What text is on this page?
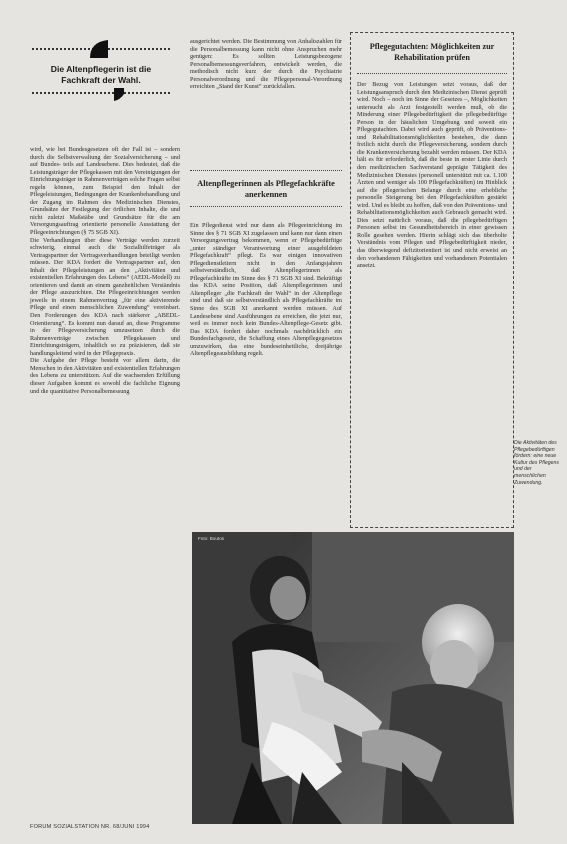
Die Altenpflegerin ist die Fachkraft der Wahl.

wird, wie bei Bundesgesetzen oft der Fall ist – sondern durch die Selbstverwaltung der Sozialversicherung – und auf Bundes- teils auf Landesebene. Dies bedeutet, daß die Leistungsträger der Pflegekassen mit den Vereinigungen der Einrichtungsträger in Rahmenverträgen solche Fragen selbst regeln können, zum Beispiel den Inhalt der Pflegeleistungen, Bedingungen der Krankenbehandlung und der Zugang im Rahmen des Medizinischen Dienstes, Grundsätze der Festlegung der örtlichen Inhalte, die und nicht zuletzt Maßstäbe und Grundsätze für die am Versorgungsauftrag orientierte personelle Ausstattung der Pflegeeinrichtungen (§ 75 SGB XI).
Die Verhandlungen über diese Verträge werden zurzeit schwierig, einmal auch die Sozialhilfeträger als Vertragspartner der Vertragsverhandlungen beteiligt werden müssen. Der KDA fordert die Vertragspartner auf, den Inhalt der Pflegeleistungen an den „Aktivitäten und existentiellen Erfahrungen des Lebens“ (AEDL-Modell) zu orientieren und damit an einem ganzheitlichen Verständnis der Pflege auszurichten. Die Pflegeeinrichtungen werden jeweils in einem Rahmenvertrag „für eine aktivierende Pflege und einen menschlichen Zuwendung“ vereinbart. Den Forderungen des KDA nach stärkerer „ABEDL-Orientierung“. Es kommt nun darauf an, diese Programme in der Pflegeversicherung umzusetzen durch die Rahmenverträge zwischen Pflegekassen und Einrichtungsträgern, inhaltlich so zu präzisieren, daß sie handlungsleitend wird in der Pflegepraxis.
Die Aufgabe der Pflege besteht vor allem darin, die Menschen in den Aktivitäten und existentiellen Erfahrungen des Lebens zu unterstützen. Auf die wachsenden Erfüllung dieser Aufgaben kommt es sowohl die fachliche Eignung und die quantitative Personalbemessung

FORUM SOZIALSTATION NR. 68/JUNI 1994

ausgerichtet werden. Die Bestimmung von Anhaltszahlen für die Personalbemessung kann nicht ohne Anspruchen mehr genügen: Es sollten Leistungsbezogene Personalbemessungsverfahren, entwickelt werden, die methodisch nicht kurz der durch die Psychiatrie Personalverordnung und die Pflegepersonal-Verordnung erreichten „Stand der Kunst“ zurückfallen.

Altenpflegerinnen als Pflegefachkräfte anerkennen

Ein Pflegedienst wird nur dann als Pflegeeinrichtung im Sinne des § 71 SGB XI zugelassen und kann nur dann einen Versorgungsvertrag bekommen, wenn er Pflegebedürftige „unter ständiger Verantwortung einer ausgebildeten Pflegefachkraft“ pflegt. Es war einigen innovativen Pflegedienstleitern nicht in den Anfangsjahren selbstverständlich, daß Altenpflegerinnen als Pflegefachkräfte im Sinne des § 71 SGB XI sind. Bekräftigt das KDA seine Position, daß Altenpflegerinnen und Altenpfleger „die Fachkraft der Wahl“ in der Altenpflege sind und daß sie selbstverständlich als Pflegefachkräfte im Sinne des SGB XI anerkannt werden müssen. Auf Landesebene sind Ausführungen zu erreichen, die jetzt nur, weil es immer noch kein Bundes-Altenpflege-Gesetz gibt. Das KDA fordert daher nochmals nachdrücklich ein Bundesfachgesetz, die Schaffung eines Altenpflegegesetzes umzuwirken, das eine bundeseinheitliche, dreijährige Altenpflegeausbildung regelt.

Pflegegutachten: Möglichkeiten zur Rehabilitation prüfen

Der Bezug von Leistungen setzt voraus, daß der Leistungsanspruch durch den Medizinischen Dienst geprüft wird. Noch – noch im Sinne der Gesetzes –, Möglichkeiten untersucht als Arzt festgestellt werden muß, ob die Minderung einer Pflegebedürftigkeit die pflegebedürftige Person in der häuslichen Umgebung und soweit ein Pflegegutachten. Dabei wird auch geprüft, ob Präventions- und Rehabilitationsmöglichkeiten bestehen, die dann freilich nicht durch die Pflegeversicherung, sondern durch die Krankenversicherung bezahlt werden müssen. Der KDA hält es für erforderlich, daß die beste in erster Linie durch den medizinischen Sachverstand geprägte Tätigkeit des Medizinischen Dienstes (personell unterstützt mit ca. 1.100 Ärzten und weniger als 100 Pflegefachkräften) im Hinblick auf die pflegerischen Belange durch eine erhebliche personelle Steigerung bei den Pflegefachkräften gestärkt wird. Und es bleibt zu hoffen, daß von den Präventions- und Rehabilitationsmöglichkeiten auch Gebrauch gemacht wird. Dies setzt natürlich voraus, daß die pflegebedürftigen Personen selbst im Gesundheitsbereich in einer gewissen Rolle gesehen werden. Hierin schlägt sich das überholte Verständnis vom Pflegen und Pflegebedürftigkeit nieder, das überwiegend defizitorientiert ist und nicht erweist an den vorhandenen Fähigkeiten und vorhandenen Potentialen ansetzt.

Die Aktivitäten des Pflegebedürftigen fördern: eine neue Kultur des Pflegens und der menschlichen Zuwendung.
Foto: Boutos
